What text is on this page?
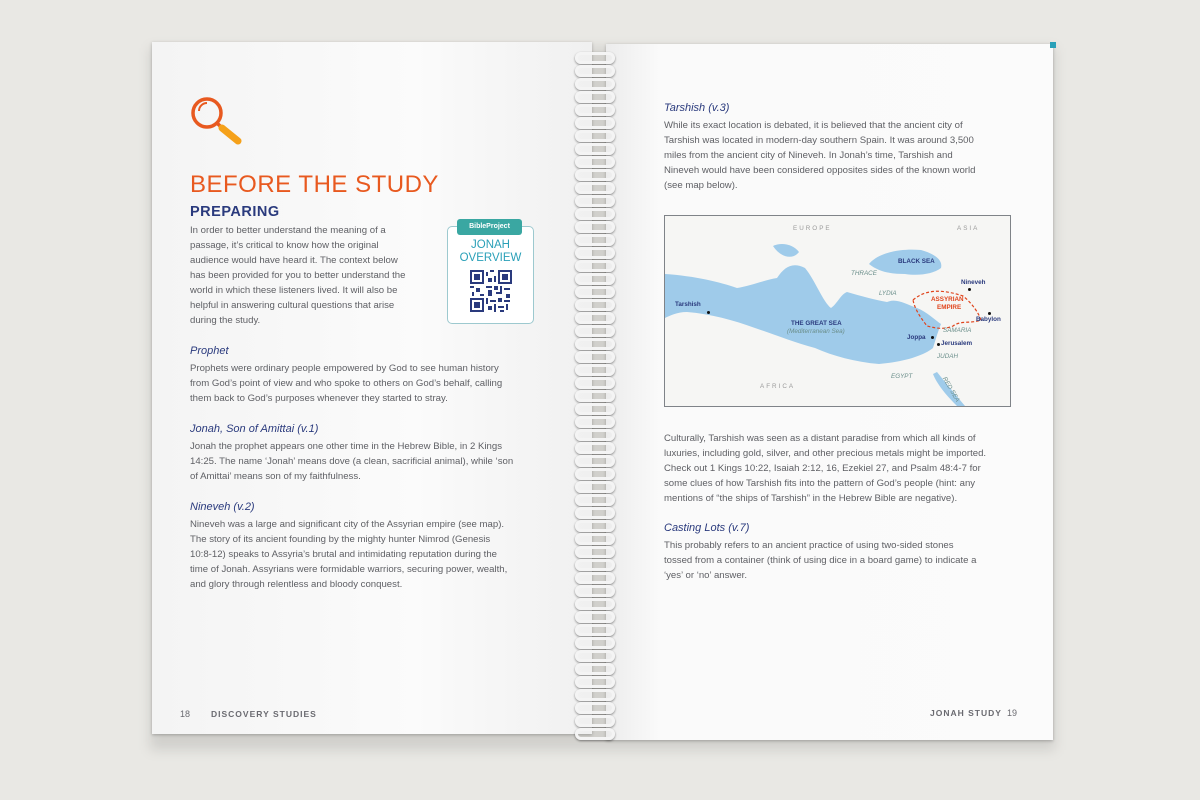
BEFORE THE STUDY
PREPARING
In order to better understand the meaning of a
passage, it’s critical to know how the original
audience would have heard it. The context below
has been provided for you to better understand the
world in which these listeners lived. It will also be
helpful in answering cultural questions that arise
during the study.
BibleProject
JONAH
OVERVIEW
Prophet
Prophets were ordinary people empowered by God to see human history
from God’s point of view and who spoke to others on God’s behalf, calling
them back to God’s purposes whenever they started to stray.
Jonah, Son of Amittai (v.1)
Jonah the prophet appears one other time in the Hebrew Bible, in 2 Kings
14:25. The name ‘Jonah’ means dove (a clean, sacrificial animal), while ‘son
of Amittai’ means son of my faithfulness.
Nineveh (v.2)
Nineveh was a large and significant city of the Assyrian empire (see map).
The story of its ancient founding by the mighty hunter Nimrod (Genesis
10:8-12) speaks to Assyria’s brutal and intimidating reputation during the
time of Jonah. Assyrians were formidable warriors, securing power, wealth,
and glory through relentless and bloody conquest.
18 DISCOVERY STUDIES
Tarshish (v.3)
While its exact location is debated, it is believed that the ancient city of
Tarshish was located in modern-day southern Spain. It was around 3,500
miles from the ancient city of Nineveh. In Jonah’s time, Tarshish and
Nineveh would have been considered opposites sides of the known world
(see map below).
EUROPE	ASIA
AFRICA
BLACK SEA
THRACE
LYDIA
Nineveh
ASSYRIAN
EMPIRE
Babylon
SAMARIA
Tarshish
THE GREAT SEA
(Mediterranean Sea)
Joppa
Jerusalem
JUDAH
EGYPT	RED SEA
Culturally, Tarshish was seen as a distant paradise from which all kinds of
luxuries, including gold, silver, and other precious metals might be imported.
Check out 1 Kings 10:22, Isaiah 2:12, 16, Ezekiel 27, and Psalm 48:4-7 for
some clues of how Tarshish fits into the pattern of God’s people (hint: any
mentions of “the ships of Tarshish” in the Hebrew Bible are negative).
Casting Lots (v.7)
This probably refers to an ancient practice of using two-sided stones
tossed from a container (think of using dice in a board game) to indicate a
‘yes’ or ‘no’ answer.
JONAH STUDY 19
